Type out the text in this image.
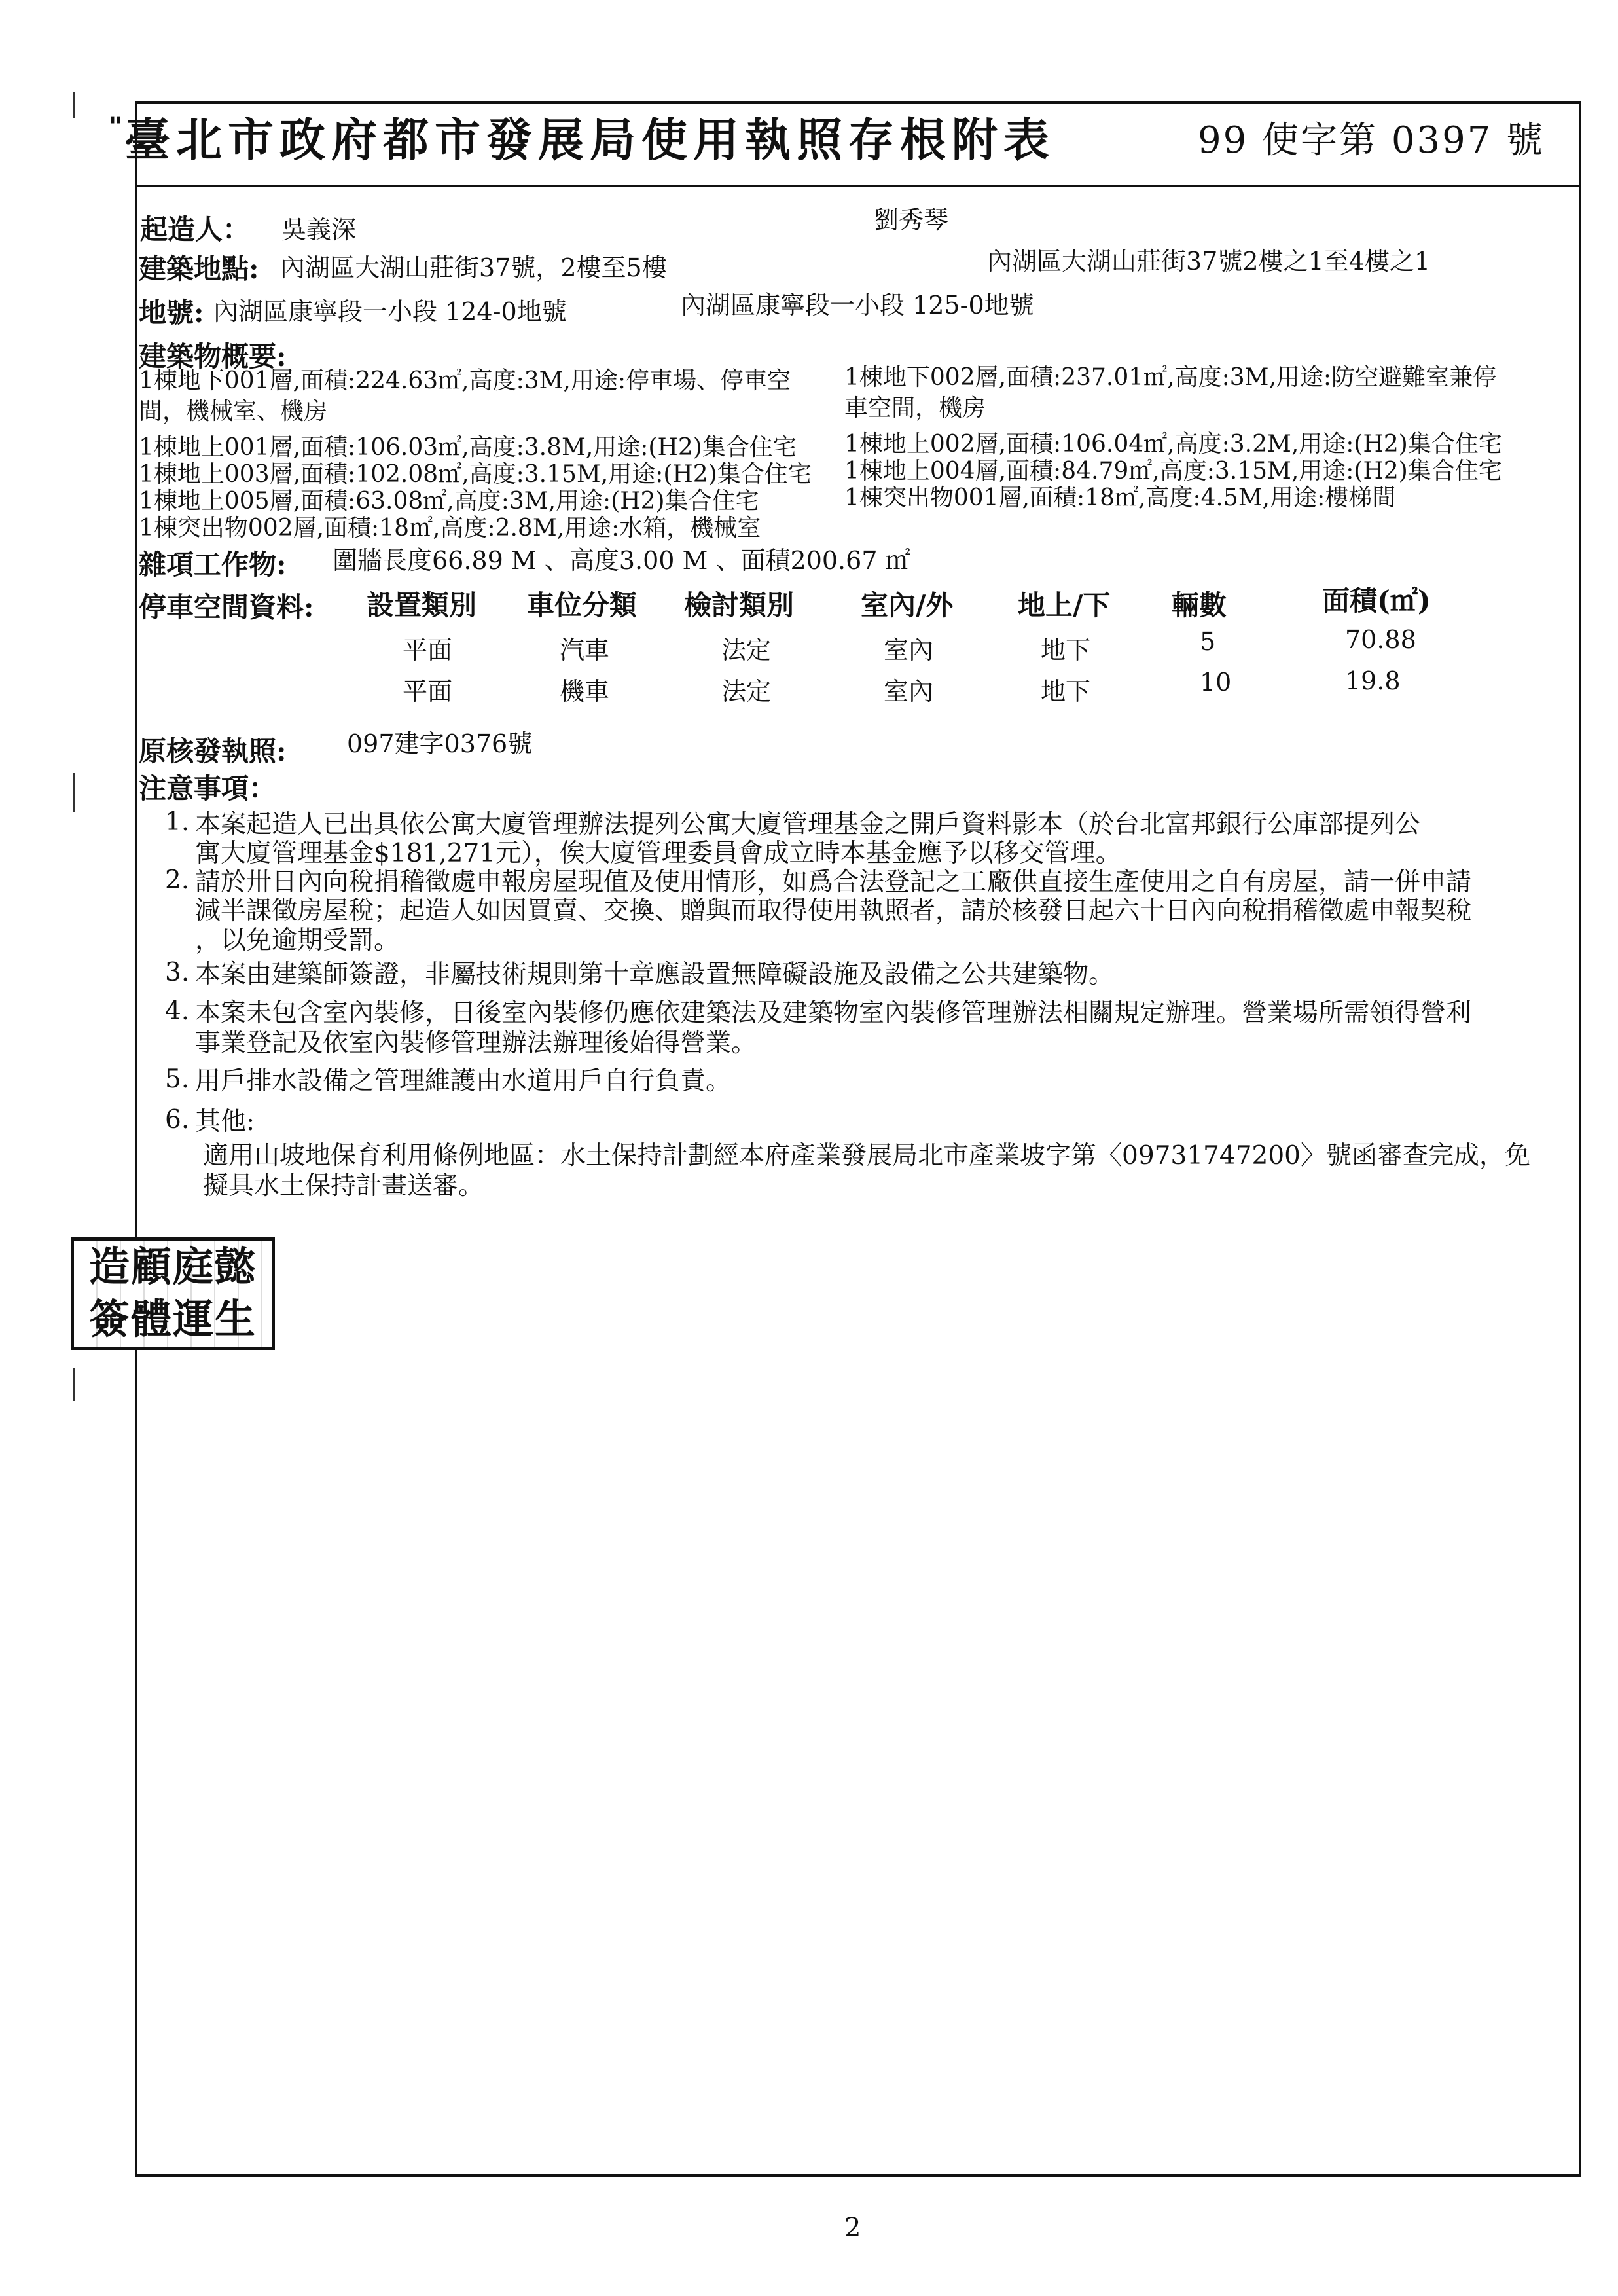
" 臺北市政府都市發展局使用執照存根附表	99 使字第 0397 號
起造人： 吳義深	劉秀琴
建築地點: 內湖區大湖山莊街37號，2樓至5樓	內湖區大湖山莊街37號2樓之1至4樓之1
地號: 內湖區康寧段一小段 124-0地號	內湖區康寧段一小段 125-0地號
建築物概要:
1棟地下001層,面積:224.63㎡,高度:3M,用途:停車場、停車空
間，機械室、機房
1棟地上001層,面積:106.03㎡,高度:3.8M,用途:(H2)集合住宅
1棟地上003層,面積:102.08㎡,高度:3.15M,用途:(H2)集合住宅
1棟地上005層,面積:63.08㎡,高度:3M,用途:(H2)集合住宅
1棟突出物002層,面積:18㎡,高度:2.8M,用途:水箱，機械室
1棟地下002層,面積:237.01㎡,高度:3M,用途:防空避難室兼停
車空間，機房
1棟地上002層,面積:106.04㎡,高度:3.2M,用途:(H2)集合住宅
1棟地上004層,面積:84.79㎡,高度:3.15M,用途:(H2)集合住宅
1棟突出物001層,面積:18㎡,高度:4.5M,用途:樓梯間
雜項工作物: 圍牆長度66.89 M 、高度3.00 M 、面積200.67 ㎡
停車空間資料: 設置類別 車位分類 檢討類別 室內/外 地上/下 輛數	面積(㎡)
平面	汽車	法定	室內	地下	5	70.88
平面	機車	法定	室內	地下	10	19.8
原核發執照: 097建字0376號
注意事項：
1. 本案起造人已出具依公寓大廈管理辦法提列公寓大廈管理基金之開戶資料影本（於台北富邦銀行公庫部提列公
寓大廈管理基金$181,271元），俟大廈管理委員會成立時本基金應予以移交管理。
2. 請於卅日內向稅捐稽徵處申報房屋現值及使用情形，如爲合法登記之工廠供直接生產使用之自有房屋，請一併申請
減半課徵房屋稅；起造人如因買賣、交換、贈與而取得使用執照者，請於核發日起六十日內向稅捐稽徵處申報契稅
，以免逾期受罰。
3. 本案由建築師簽證，非屬技術規則第十章應設置無障礙設施及設備之公共建築物。
4. 本案未包含室內裝修，日後室內裝修仍應依建築法及建築物室內裝修管理辦法相關規定辦理。營業場所需領得營利
事業登記及依室內裝修管理辦法辦理後始得營業。
5. 用戶排水設備之管理維護由水道用戶自行負責。
6. 其他:
適用山坡地保育利用條例地區：水土保持計劃經本府產業發展局北市產業坡字第〈09731747200〉號函審查完成，免
擬具水土保持計畫送審。
造顧庭懿
簽體運生
2
